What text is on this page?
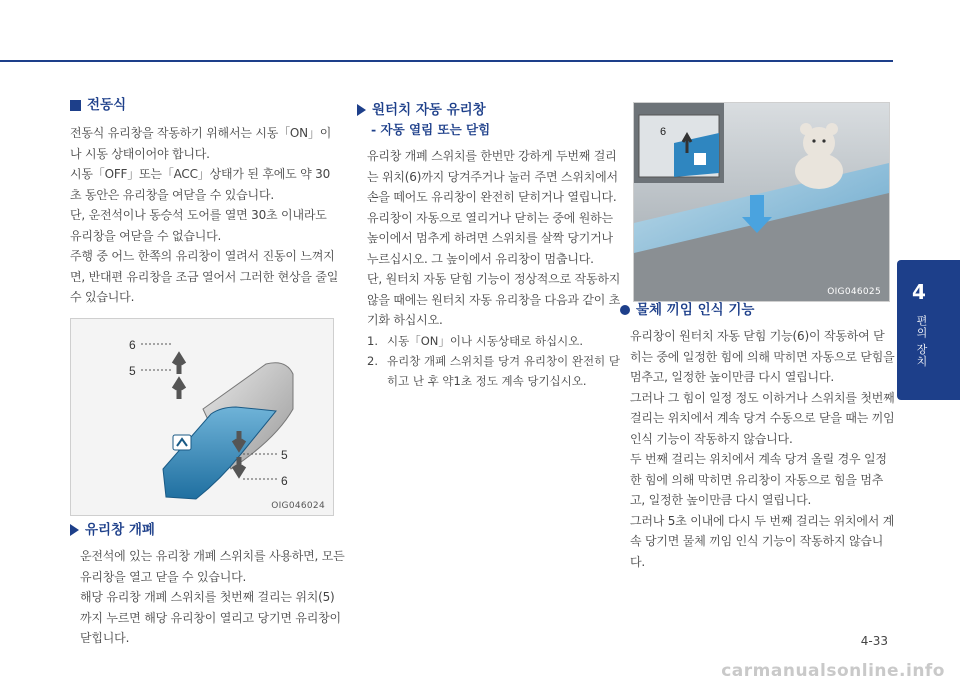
4
편의 장치
전동식

전동식 유리창을 작동하기 위해서는 시동「ON」이나 시동 상태이어야 합니다.

시동「OFF」또는「ACC」상태가 된 후에도 약 30초 동안은 유리창을 여닫을 수 있습니다.

단, 운전석이나 동승석 도어를 열면 30초 이내라도 유리창을 여닫을 수 없습니다.

주행 중 어느 한쪽의 유리창이 열려서 진동이 느껴지면, 반대편 유리창을 조금 열어서 그러한 현상을 줄일 수 있습니다.

6
5
5
6
OIG046024
유리창 개폐

운전석에 있는 유리창 개폐 스위치를 사용하면, 모든 유리창을 열고 닫을 수 있습니다.

해당 유리창 개폐 스위치를 첫번째 걸리는 위치(5)까지 누르면 해당 유리창이 열리고 당기면 유리창이 닫힙니다.

원터치 자동 유리창
- 자동 열림 또는 닫힘

유리창 개폐 스위치를 한번만 강하게 두번째 걸리는 위치(6)까지 당겨주거나 눌러 주면 스위치에서 손을 떼어도 유리창이 완전히 닫히거나 열립니다.

유리창이 자동으로 열리거나 닫히는 중에 원하는 높이에서 멈추게 하려면 스위치를 살짝 당기거나 누르십시오. 그 높이에서 유리창이 멈춥니다.

단, 원터치 자동 닫힘 기능이 정상적으로 작동하지 않을 때에는 원터치 자동 유리창을 다음과 같이 초기화 하십시오.

1. 시동「ON」이나 시동상태로 하십시오.
2. 유리창 개폐 스위치를 당겨 유리창이 완전히 닫히고 난 후 약1초 정도 계속 당기십시오.
6
OIG046025
물체 끼임 인식 기능

유리창이 원터치 자동 닫힘 기능(6)이 작동하여 닫히는 중에 일정한 힘에 의해 막히면 자동으로 닫힘을 멈추고, 일정한 높이만큼 다시 열립니다.

그러나 그 힘이 일정 정도 이하거나 스위치를 첫번째 걸리는 위치에서 계속 당겨 수동으로 닫을 때는 끼임 인식 기능이 작동하지 않습니다.

두 번째 걸리는 위치에서 계속 당겨 올릴 경우 일정한 힘에 의해 막히면 유리창이 자동으로 힘을 멈추고, 일정한 높이만큼 다시 열립니다.

그러나 5초 이내에 다시 두 번째 걸리는 위치에서 계속 당기면 물체 끼임 인식 기능이 작동하지 않습니다.

4-33
carmanualsonline.info
